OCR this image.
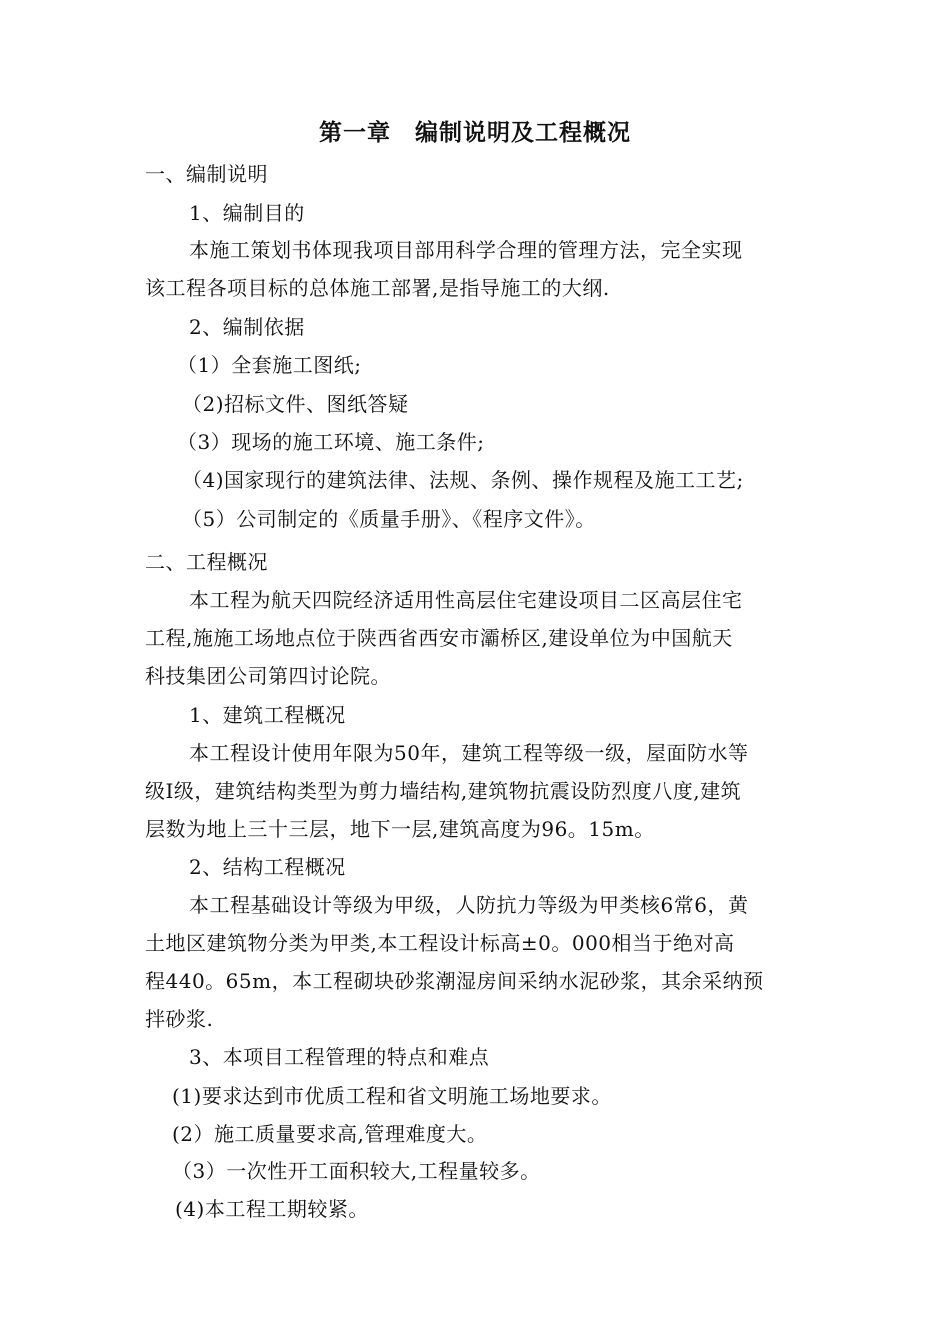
第一章　编制说明及工程概况
一、编制说明
1、编制目的
本施工策划书体现我项目部用科学合理的管理方法，完全实现
该工程各项目标的总体施工部署,是指导施工的大纲.
2、编制依据
（1）全套施工图纸;
（2)招标文件、图纸答疑
（3）现场的施工环境、施工条件;
（4)国家现行的建筑法律、法规、条例、操作规程及施工工艺;
（5）公司制定的《质量手册》、《程序文件》。
二、工程概况
本工程为航天四院经济适用性高层住宅建设项目二区高层住宅
工程,施施工场地点位于陕西省西安市灞桥区,建设单位为中国航天
科技集团公司第四讨论院。
1、建筑工程概况
本工程设计使用年限为50年，建筑工程等级一级，屋面防水等
级I级，建筑结构类型为剪力墙结构,建筑物抗震设防烈度八度,建筑
层数为地上三十三层，地下一层,建筑高度为96。15m。
2、结构工程概况
本工程基础设计等级为甲级，人防抗力等级为甲类核6常6，黄
土地区建筑物分类为甲类,本工程设计标高±0。000相当于绝对高
程440。65m，本工程砌块砂浆潮湿房间采纳水泥砂浆，其余采纳预
拌砂浆.
3、本项目工程管理的特点和难点
(1)要求达到市优质工程和省文明施工场地要求。
(2）施工质量要求高,管理难度大。
（3）一次性开工面积较大,工程量较多。
(4)本工程工期较紧。
